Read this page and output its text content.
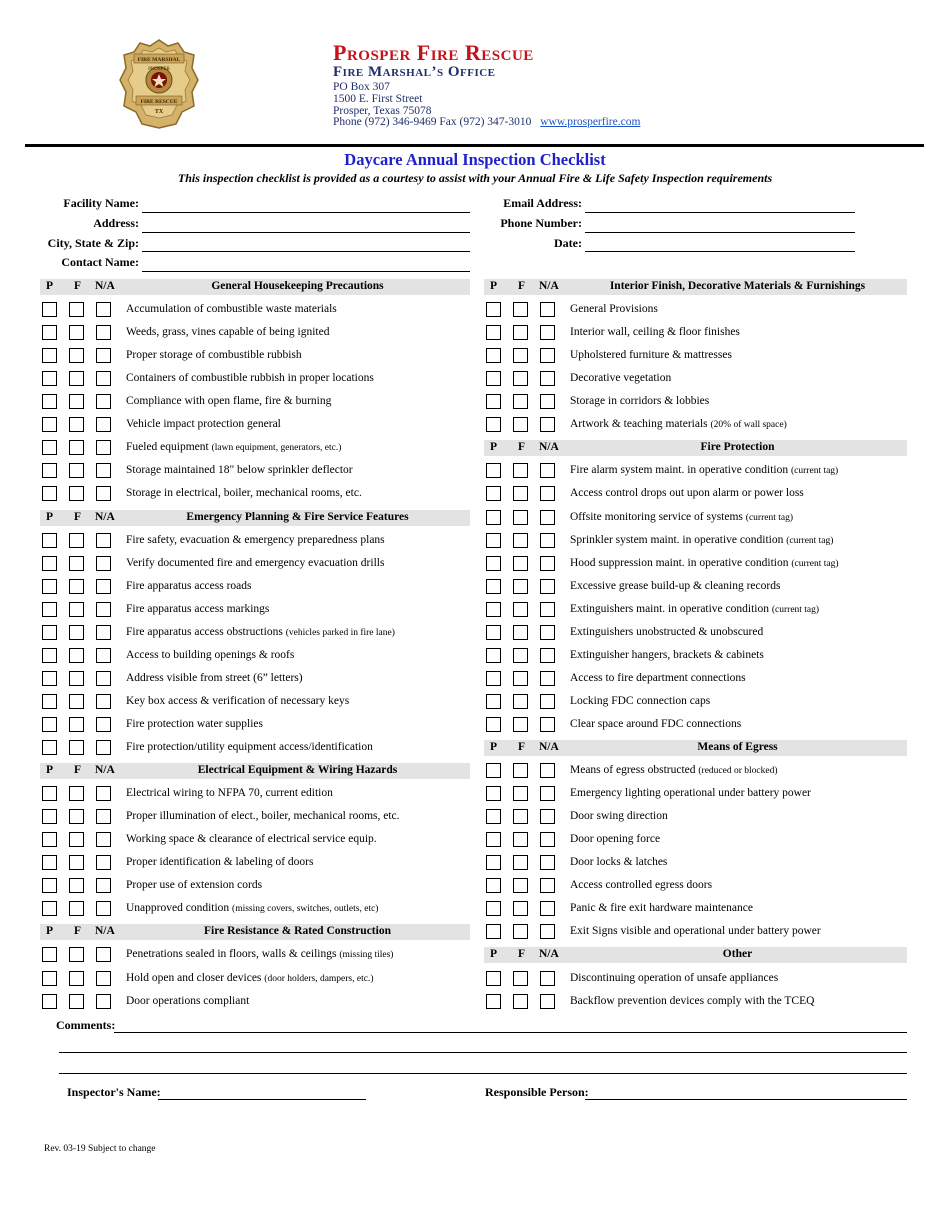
FIRE MARSHAL
PROSPER
FIRE RESCUE
TX
Prosper Fire Rescue
Fire Marshal’s Office
PO Box 307
1500 E. First Street
Prosper, Texas 75078
Phone (972) 346-9469 Fax (972) 347-3010 www.prosperfire.com
Daycare Annual Inspection Checklist
This inspection checklist is provided as a courtesy to assist with your Annual Fire & Life Safety Inspection requirements
Facility Name:
Address:
City, State & Zip:
Contact Name:
Email Address:
Phone Number:
Date:
P F N/A	General Housekeeping Precautions
Accumulation of combustible waste materials
Weeds, grass, vines capable of being ignited
Proper storage of combustible rubbish
Containers of combustible rubbish in proper locations
Compliance with open flame, fire & burning
Vehicle impact protection general
Fueled equipment (lawn equipment, generators, etc.)
Storage maintained 18" below sprinkler deflector
Storage in electrical, boiler, mechanical rooms, etc.
P F N/A	Emergency Planning & Fire Service Features
Fire safety, evacuation & emergency preparedness plans
Verify documented fire and emergency evacuation drills
Fire apparatus access roads
Fire apparatus access markings
Fire apparatus access obstructions (vehicles parked in fire lane)
Access to building openings & roofs
Address visible from street (6” letters)
Key box access & verification of necessary keys
Fire protection water supplies
Fire protection/utility equipment access/identification
P F N/A	Electrical Equipment & Wiring Hazards
Electrical wiring to NFPA 70, current edition
Proper illumination of elect., boiler, mechanical rooms, etc.
Working space & clearance of electrical service equip.
Proper identification & labeling of doors
Proper use of extension cords
Unapproved condition (missing covers, switches, outlets, etc)
P F N/A	Fire Resistance & Rated Construction
Penetrations sealed in floors, walls & ceilings (missing tiles)
Hold open and closer devices (door holders, dampers, etc.)
Door operations compliant
P F N/A	Interior Finish, Decorative Materials & Furnishings
General Provisions
Interior wall, ceiling & floor finishes
Upholstered furniture & mattresses
Decorative vegetation
Storage in corridors & lobbies
Artwork & teaching materials (20% of wall space)
P F N/A	Fire Protection
Fire alarm system maint. in operative condition (current tag)
Access control drops out upon alarm or power loss
Offsite monitoring service of systems (current tag)
Sprinkler system maint. in operative condition (current tag)
Hood suppression maint. in operative condition (current tag)
Excessive grease build-up & cleaning records
Extinguishers maint. in operative condition (current tag)
Extinguishers unobstructed & unobscured
Extinguisher hangers, brackets & cabinets
Access to fire department connections
Locking FDC connection caps
Clear space around FDC connections
P F N/A	Means of Egress
Means of egress obstructed (reduced or blocked)
Emergency lighting operational under battery power
Door swing direction
Door opening force
Door locks & latches
Access controlled egress doors
Panic & fire exit hardware maintenance
Exit Signs visible and operational under battery power
P F N/A	Other
Discontinuing operation of unsafe appliances
Backflow prevention devices comply with the TCEQ
Comments:
Inspector's Name:	Responsible Person:
Rev. 03-19 Subject to change
